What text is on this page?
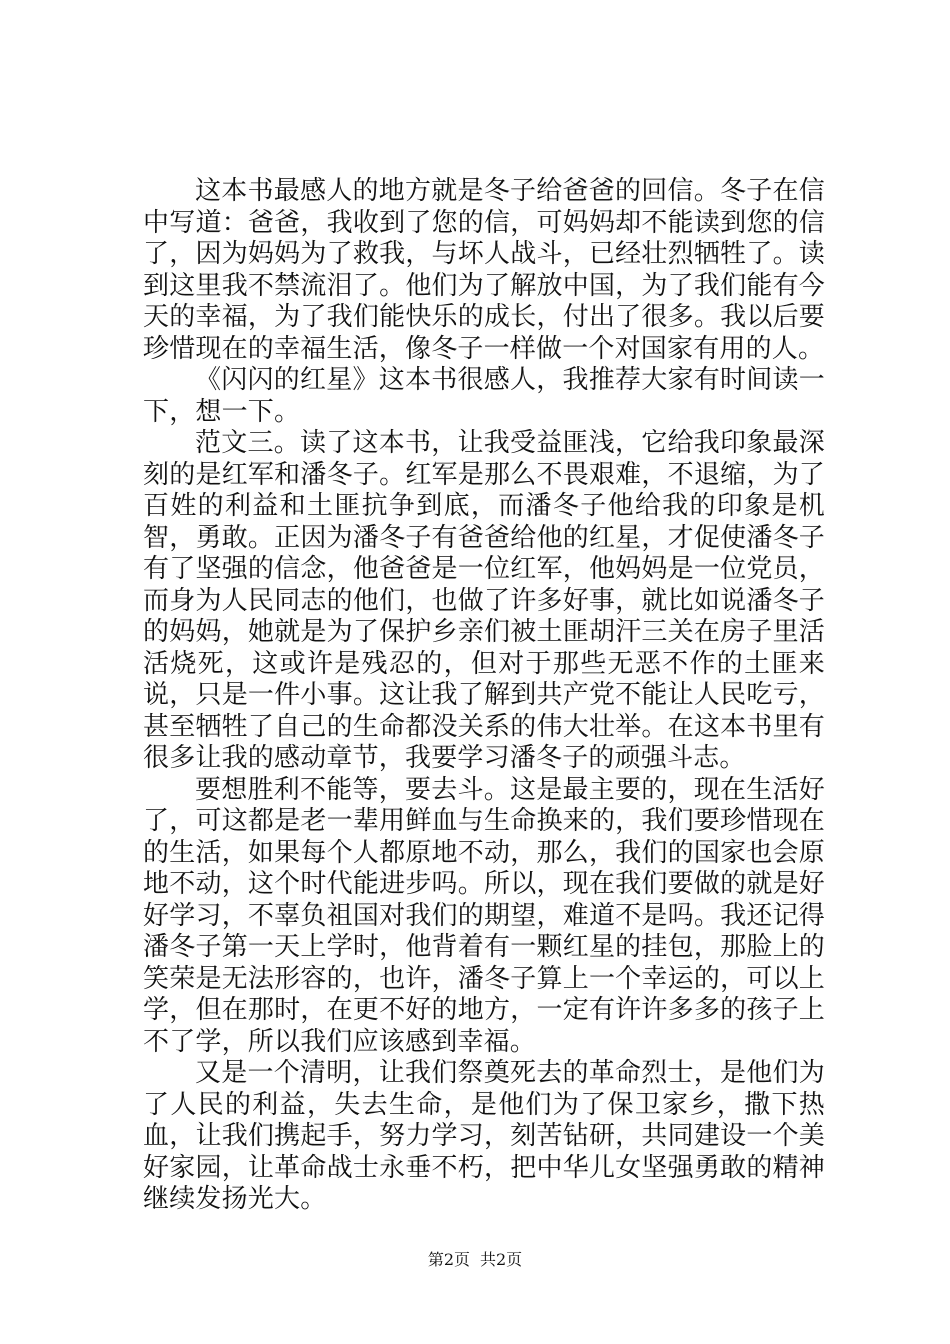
这本书最感人的地方就是冬子给爸爸的回信。冬子在信中写道：爸爸，我收到了您的信，可妈妈却不能读到您的信了，因为妈妈为了救我，与坏人战斗，已经壮烈牺牲了。读到这里我不禁流泪了。他们为了解放中国，为了我们能有今天的幸福，为了我们能快乐的成长，付出了很多。我以后要珍惜现在的幸福生活，像冬子一样做一个对国家有用的人。

《闪闪的红星》这本书很感人，我推荐大家有时间读一下，想一下。

范文三。读了这本书，让我受益匪浅，它给我印象最深刻的是红军和潘冬子。红军是那么不畏艰难，不退缩，为了百姓的利益和土匪抗争到底，而潘冬子他给我的印象是机智，勇敢。正因为潘冬子有爸爸给他的红星，才促使潘冬子有了坚强的信念，他爸爸是一位红军，他妈妈是一位党员，而身为人民同志的他们，也做了许多好事，就比如说潘冬子的妈妈，她就是为了保护乡亲们被土匪胡汗三关在房子里活活烧死，这或许是残忍的，但对于那些无恶不作的土匪来说，只是一件小事。这让我了解到共产党不能让人民吃亏，甚至牺牲了自己的生命都没关系的伟大壮举。在这本书里有很多让我的感动章节，我要学习潘冬子的顽强斗志。

要想胜利不能等，要去斗。这是最主要的，现在生活好了，可这都是老一辈用鲜血与生命换来的，我们要珍惜现在的生活，如果每个人都原地不动，那么，我们的国家也会原地不动，这个时代能进步吗。所以，现在我们要做的就是好好学习，不辜负祖国对我们的期望，难道不是吗。我还记得潘冬子第一天上学时，他背着有一颗红星的挂包，那脸上的笑荣是无法形容的，也许，潘冬子算上一个幸运的，可以上学，但在那时，在更不好的地方，一定有许许多多的孩子上不了学，所以我们应该感到幸福。

又是一个清明，让我们祭奠死去的革命烈士，是他们为了人民的利益，失去生命，是他们为了保卫家乡，撒下热血，让我们携起手，努力学习，刻苦钻研，共同建设一个美好家园，让革命战士永垂不朽，把中华儿女坚强勇敢的精神继续发扬光大。

第2页 共2页
